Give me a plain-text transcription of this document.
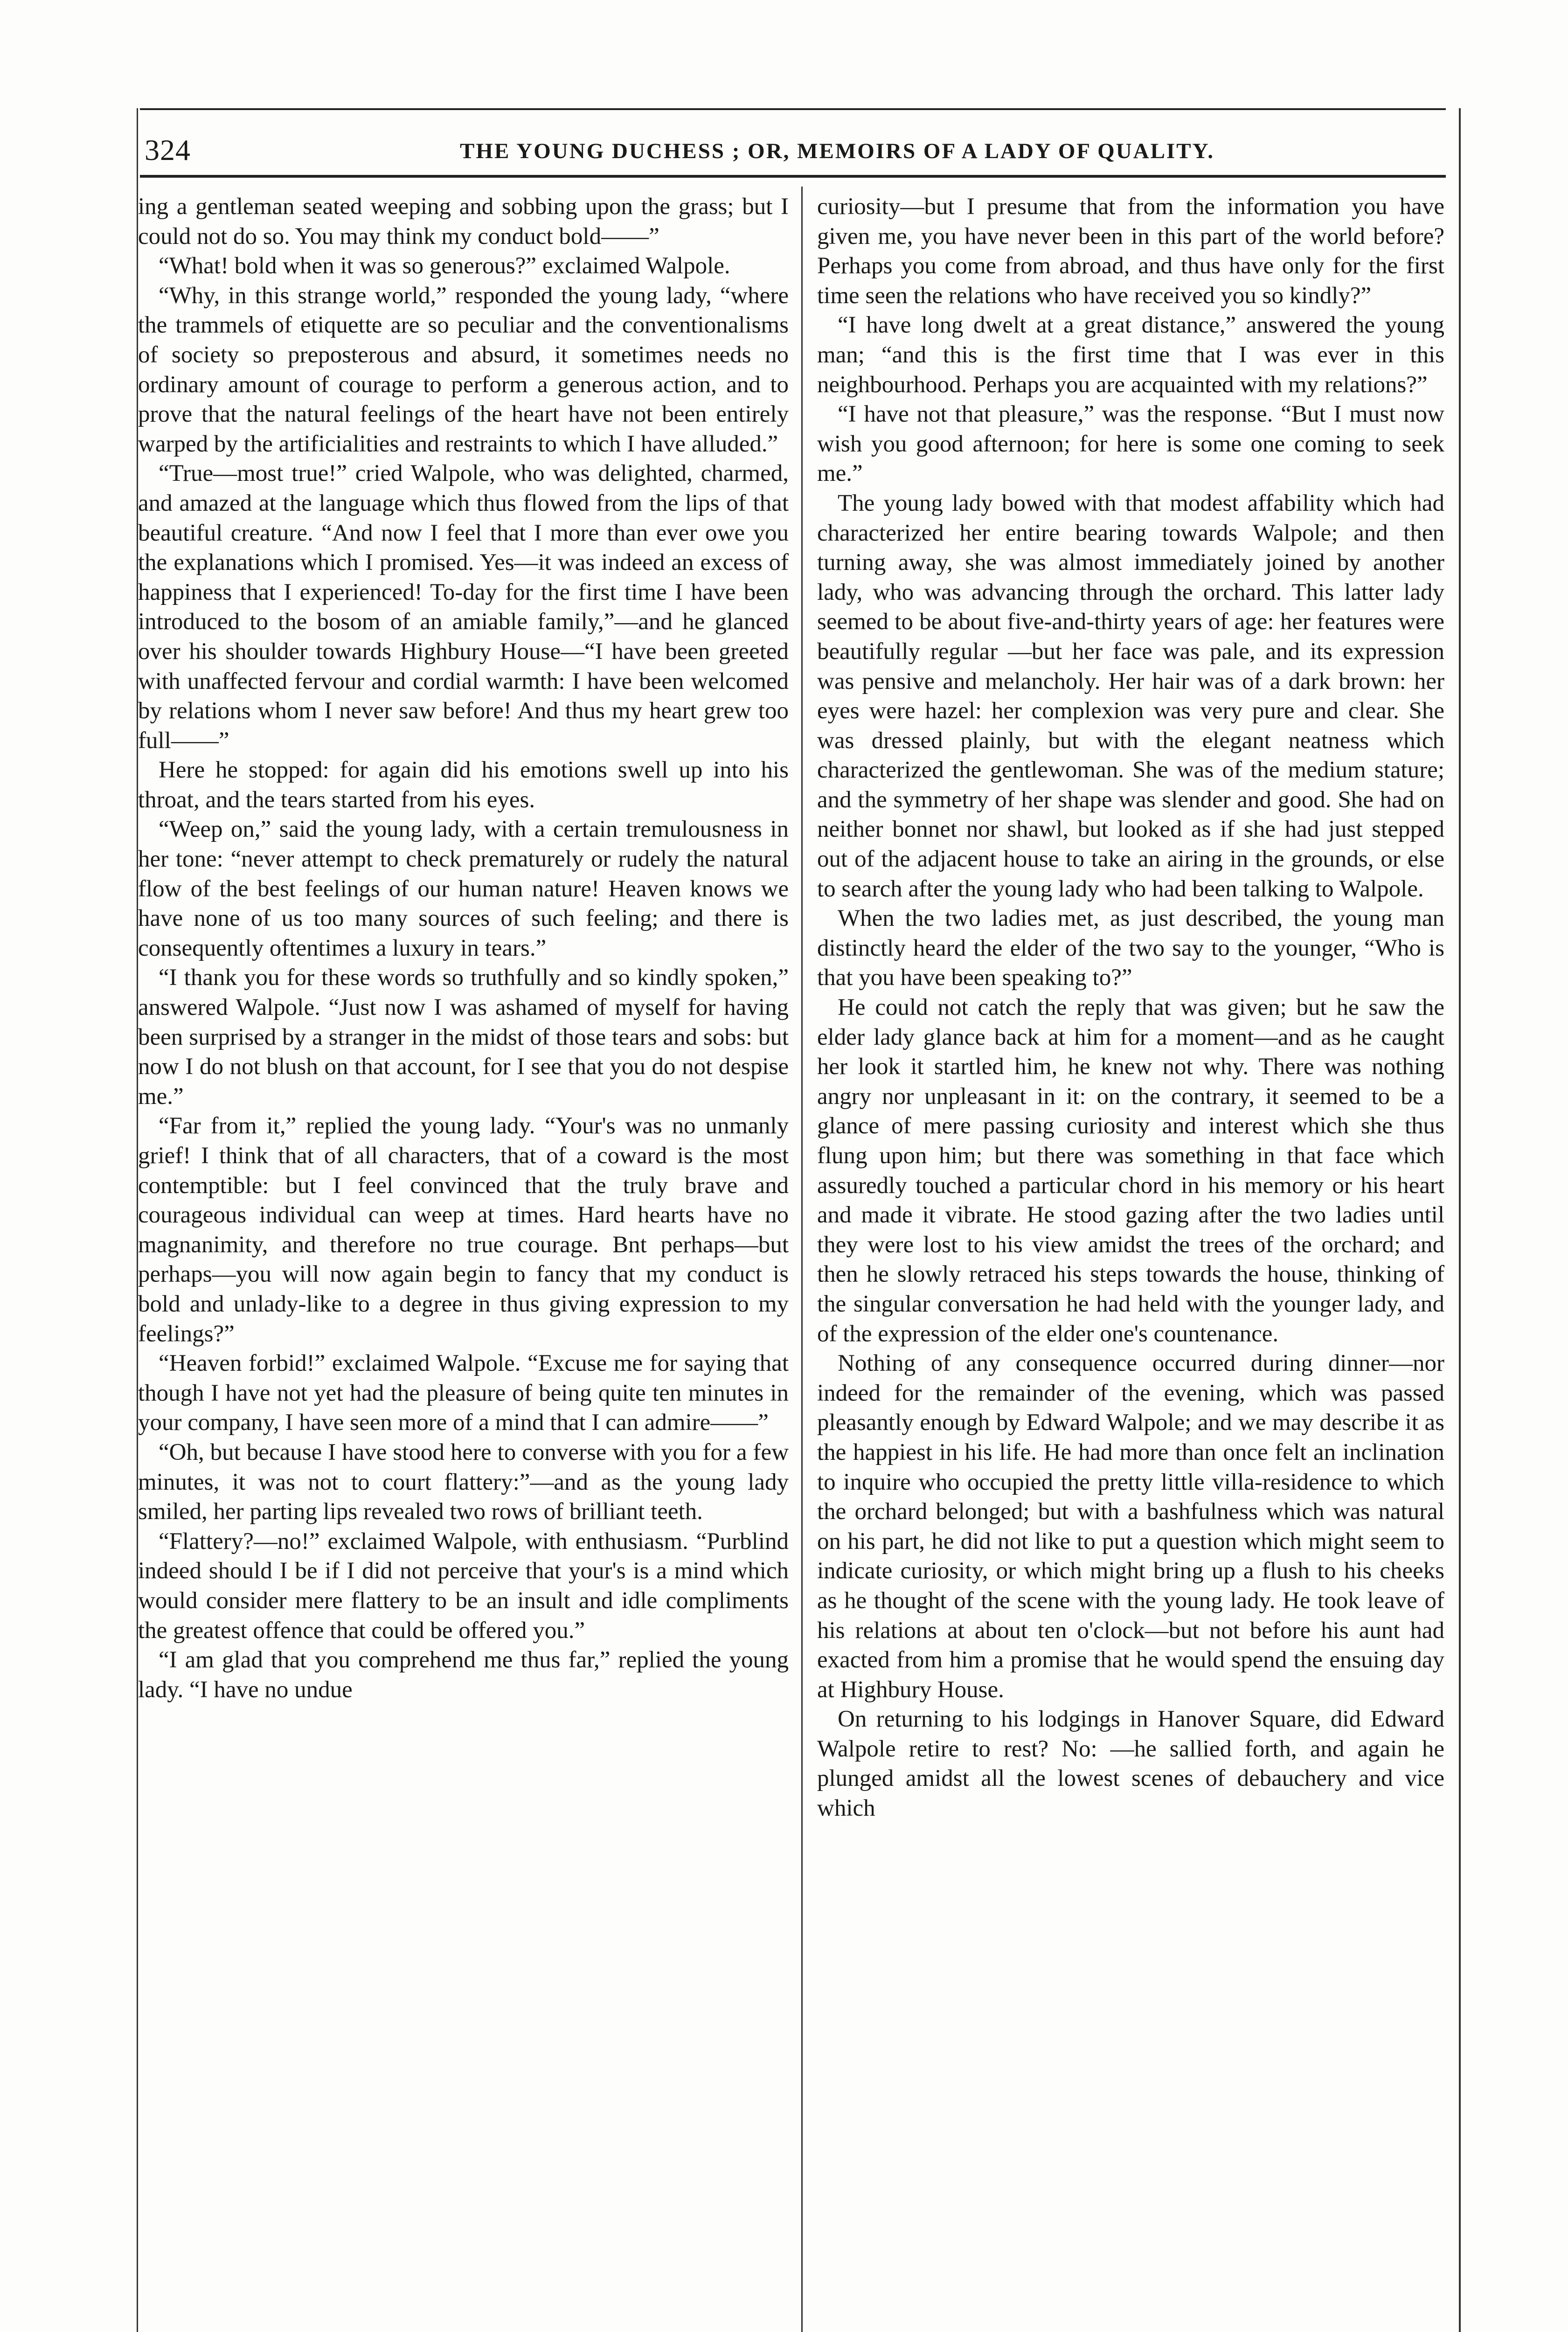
324	THE YOUNG DUCHESS ; OR, MEMOIRS OF A LADY OF QUALITY.

ing a gentleman seated weeping and sobbing upon the grass; but I could not do so. You may think my conduct bold——”

“What! bold when it was so generous?” exclaimed Walpole.

“Why, in this strange world,” responded the young lady, “where the trammels of etiquette are so peculiar and the conventionalisms of society so preposterous and absurd, it sometimes needs no ordinary amount of courage to perform a generous action, and to prove that the natural feelings of the heart have not been entirely warped by the artificialities and restraints to which I have alluded.”

“True—most true!” cried Walpole, who was delighted, charmed, and amazed at the language which thus flowed from the lips of that beautiful creature. “And now I feel that I more than ever owe you the explanations which I promised. Yes—it was indeed an excess of happiness that I experienced! To-day for the first time I have been introduced to the bosom of an amiable family,”—and he glanced over his shoulder towards Highbury House—“I have been greeted with unaffected fervour and cordial warmth: I have been welcomed by relations whom I never saw before! And thus my heart grew too full——”

Here he stopped: for again did his emotions swell up into his throat, and the tears started from his eyes.

“Weep on,” said the young lady, with a certain tremulousness in her tone: “never attempt to check prematurely or rudely the natural flow of the best feelings of our human nature! Heaven knows we have none of us too many sources of such feeling; and there is consequently oftentimes a luxury in tears.”

“I thank you for these words so truthfully and so kindly spoken,” answered Walpole. “Just now I was ashamed of myself for having been surprised by a stranger in the midst of those tears and sobs: but now I do not blush on that account, for I see that you do not despise me.”

“Far from it,” replied the young lady. “Your's was no unmanly grief! I think that of all characters, that of a coward is the most contemptible: but I feel convinced that the truly brave and courageous individual can weep at times. Hard hearts have no magnanimity, and therefore no true courage. Bnt perhaps—but perhaps—you will now again begin to fancy that my conduct is bold and unlady-like to a degree in thus giving expression to my feelings?”

“Heaven forbid!” exclaimed Walpole. “Excuse me for saying that though I have not yet had the pleasure of being quite ten minutes in your company, I have seen more of a mind that I can admire——”

“Oh, but because I have stood here to converse with you for a few minutes, it was not to court flattery:”—and as the young lady smiled, her parting lips revealed two rows of brilliant teeth.

“Flattery?—no!” exclaimed Walpole, with enthusiasm. “Purblind indeed should I be if I did not perceive that your's is a mind which would consider mere flattery to be an insult and idle compliments the greatest offence that could be offered you.”

“I am glad that you comprehend me thus far,” replied the young lady. “I have no undue

curiosity—but I presume that from the information you have given me, you have never been in this part of the world before? Perhaps you come from abroad, and thus have only for the first time seen the relations who have received you so kindly?”

“I have long dwelt at a great distance,” answered the young man; “and this is the first time that I was ever in this neighbourhood. Perhaps you are acquainted with my relations?”

“I have not that pleasure,” was the response. “But I must now wish you good afternoon; for here is some one coming to seek me.”

The young lady bowed with that modest affability which had characterized her entire bearing towards Walpole; and then turning away, she was almost immediately joined by another lady, who was advancing through the orchard. This latter lady seemed to be about five-and-thirty years of age: her features were beautifully regular —but her face was pale, and its expression was pensive and melancholy. Her hair was of a dark brown: her eyes were hazel: her complexion was very pure and clear. She was dressed plainly, but with the elegant neatness which characterized the gentlewoman. She was of the medium stature; and the symmetry of her shape was slender and good. She had on neither bonnet nor shawl, but looked as if she had just stepped out of the adjacent house to take an airing in the grounds, or else to search after the young lady who had been talking to Walpole.

When the two ladies met, as just described, the young man distinctly heard the elder of the two say to the younger, “Who is that you have been speaking to?”

He could not catch the reply that was given; but he saw the elder lady glance back at him for a moment—and as he caught her look it startled him, he knew not why. There was nothing angry nor unpleasant in it: on the contrary, it seemed to be a glance of mere passing curiosity and interest which she thus flung upon him; but there was something in that face which assuredly touched a particular chord in his memory or his heart and made it vibrate. He stood gazing after the two ladies until they were lost to his view amidst the trees of the orchard; and then he slowly retraced his steps towards the house, thinking of the singular conversation he had held with the younger lady, and of the expression of the elder one's countenance.

Nothing of any consequence occurred during dinner—nor indeed for the remainder of the evening, which was passed pleasantly enough by Edward Walpole; and we may describe it as the happiest in his life. He had more than once felt an inclination to inquire who occupied the pretty little villa-residence to which the orchard belonged; but with a bashfulness which was natural on his part, he did not like to put a question which might seem to indicate curiosity, or which might bring up a flush to his cheeks as he thought of the scene with the young lady. He took leave of his relations at about ten o'clock—but not before his aunt had exacted from him a promise that he would spend the ensuing day at Highbury House.

On returning to his lodgings in Hanover Square, did Edward Walpole retire to rest? No: —he sallied forth, and again he plunged amidst all the lowest scenes of debauchery and vice which
